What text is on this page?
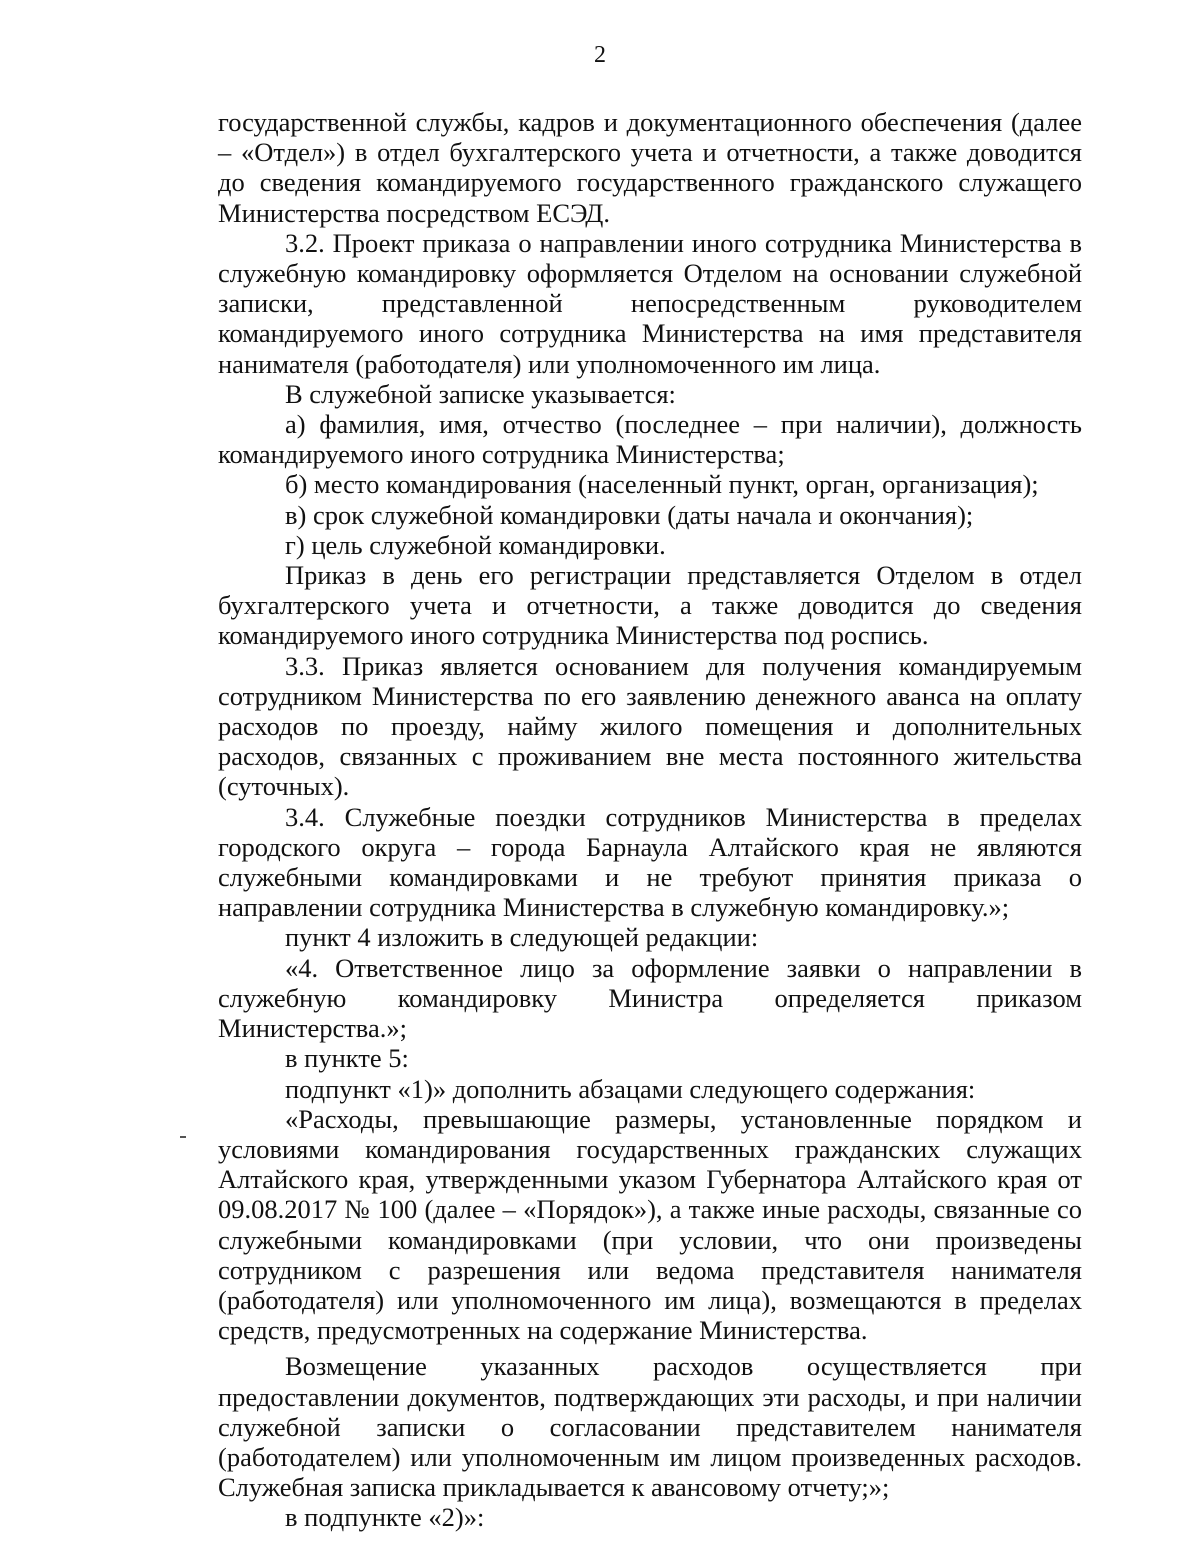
2

государственной службы, кадров и документационного обеспечения (далее – «Отдел») в отдел бухгалтерского учета и отчетности, а также доводится до сведения командируемого государственного гражданского служащего Министерства посредством ЕСЭД.

3.2. Проект приказа о направлении иного сотрудника Министерства в служебную командировку оформляется Отделом на основании служебной записки, представленной непосредственным руководителем командируемого иного сотрудника Министерства на имя представителя нанимателя (работодателя) или уполномоченного им лица.

В служебной записке указывается:

а) фамилия, имя, отчество (последнее – при наличии), должность командируемого иного сотрудника Министерства;

б) место командирования (населенный пункт, орган, организация);

в) срок служебной командировки (даты начала и окончания);

г) цель служебной командировки.

Приказ в день его регистрации представляется Отделом в отдел бухгалтерского учета и отчетности, а также доводится до сведения командируемого иного сотрудника Министерства под роспись.

3.3. Приказ является основанием для получения командируемым сотрудником Министерства по его заявлению денежного аванса на оплату расходов по проезду, найму жилого помещения и дополнительных расходов, связанных с проживанием вне места постоянного жительства (суточных).

3.4. Служебные поездки сотрудников Министерства в пределах городского округа – города Барнаула Алтайского края не являются служебными командировками и не требуют принятия приказа о направлении сотрудника Министерства в служебную командировку.»;

пункт 4 изложить в следующей редакции:

«4. Ответственное лицо за оформление заявки о направлении в служебную командировку Министра определяется приказом Министерства.»;

в пункте 5:

подпункт «1)» дополнить абзацами следующего содержания:

«Расходы, превышающие размеры, установленные порядком и условиями командирования государственных гражданских служащих Алтайского края, утвержденными указом Губернатора Алтайского края от 09.08.2017 № 100 (далее – «Порядок»), а также иные расходы, связанные со служебными командировками (при условии, что они произведены сотрудником с разрешения или ведома представителя нанимателя (работодателя) или уполномоченного им лица), возмещаются в пределах средств, предусмотренных на содержание Министерства.

Возмещение указанных расходов осуществляется при предоставлении документов, подтверждающих эти расходы, и при наличии служебной записки о согласовании представителем нанимателя (работодателем) или уполномоченным им лицом произведенных расходов. Служебная записка прикладывается к авансовому отчету;»;

в подпункте «2)»:
